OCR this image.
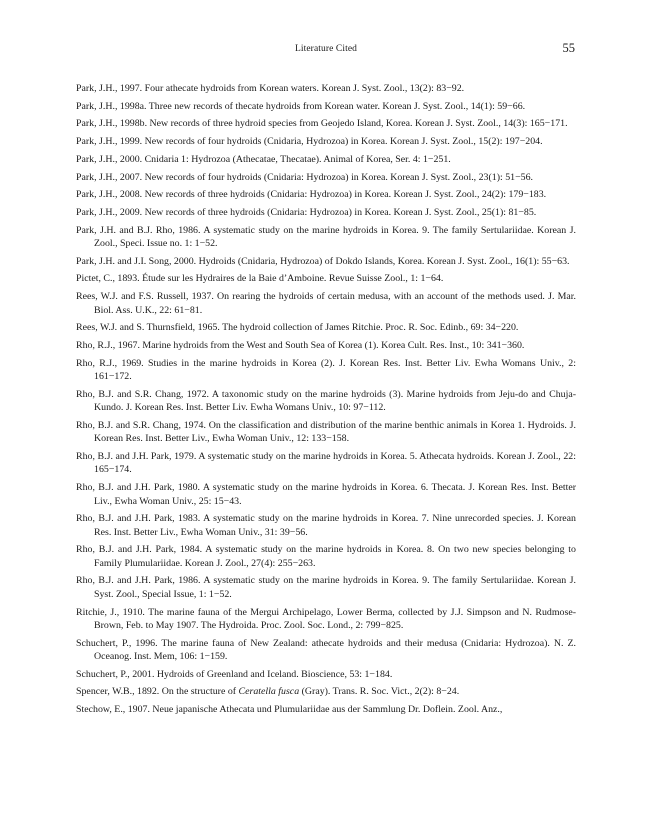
Literature Cited	55
Park, J.H., 1997. Four athecate hydroids from Korean waters. Korean J. Syst. Zool., 13(2): 83−92.
Park, J.H., 1998a. Three new records of thecate hydroids from Korean water. Korean J. Syst. Zool., 14(1): 59−66.
Park, J.H., 1998b. New records of three hydroid species from Geojedo Island, Korea. Korean J. Syst. Zool., 14(3): 165−171.
Park, J.H., 1999. New records of four hydroids (Cnidaria, Hydrozoa) in Korea. Korean J. Syst. Zool., 15(2): 197−204.
Park, J.H., 2000. Cnidaria 1: Hydrozoa (Athecatae, Thecatae). Animal of Korea, Ser. 4: 1−251.
Park, J.H., 2007. New records of four hydroids (Cnidaria: Hydrozoa) in Korea. Korean J. Syst. Zool., 23(1): 51−56.
Park, J.H., 2008. New records of three hydroids (Cnidaria: Hydrozoa) in Korea. Korean J. Syst. Zool., 24(2): 179−183.
Park, J.H., 2009. New records of three hydroids (Cnidaria: Hydrozoa) in Korea. Korean J. Syst. Zool., 25(1): 81−85.
Park, J.H. and B.J. Rho, 1986. A systematic study on the marine hydroids in Korea. 9. The family Sertulariidae. Korean J. Zool., Speci. Issue no. 1: 1−52.
Park, J.H. and J.I. Song, 2000. Hydroids (Cnidaria, Hydrozoa) of Dokdo Islands, Korea. Korean J. Syst. Zool., 16(1): 55−63.
Pictet, C., 1893. Étude sur les Hydraires de la Baie d’Amboine. Revue Suisse Zool., 1: 1−64.
Rees, W.J. and F.S. Russell, 1937. On rearing the hydroids of certain medusa, with an account of the methods used. J. Mar. Biol. Ass. U.K., 22: 61−81.
Rees, W.J. and S. Thurnsfield, 1965. The hydroid collection of James Ritchie. Proc. R. Soc. Edinb., 69: 34−220.
Rho, R.J., 1967. Marine hydroids from the West and South Sea of Korea (1). Korea Cult. Res. Inst., 10: 341−360.
Rho, R.J., 1969. Studies in the marine hydroids in Korea (2). J. Korean Res. Inst. Better Liv. Ewha Womans Univ., 2: 161−172.
Rho, B.J. and S.R. Chang, 1972. A taxonomic study on the marine hydroids (3). Marine hydroids from Jeju-do and Chuja-Kundo. J. Korean Res. Inst. Better Liv. Ewha Womans Univ., 10: 97−112.
Rho, B.J. and S.R. Chang, 1974. On the classification and distribution of the marine benthic animals in Korea 1. Hydroids. J. Korean Res. Inst. Better Liv., Ewha Woman Univ., 12: 133−158.
Rho, B.J. and J.H. Park, 1979. A systematic study on the marine hydroids in Korea. 5. Athecata hydroids. Korean J. Zool., 22: 165−174.
Rho, B.J. and J.H. Park, 1980. A systematic study on the marine hydroids in Korea. 6. Thecata. J. Korean Res. Inst. Better Liv., Ewha Woman Univ., 25: 15−43.
Rho, B.J. and J.H. Park, 1983. A systematic study on the marine hydroids in Korea. 7. Nine unrecorded species. J. Korean Res. Inst. Better Liv., Ewha Woman Univ., 31: 39−56.
Rho, B.J. and J.H. Park, 1984. A systematic study on the marine hydroids in Korea. 8. On two new species belonging to Family Plumulariidae. Korean J. Zool., 27(4): 255−263.
Rho, B.J. and J.H. Park, 1986. A systematic study on the marine hydroids in Korea. 9. The family Sertulariidae. Korean J. Syst. Zool., Special Issue, 1: 1−52.
Ritchie, J., 1910. The marine fauna of the Mergui Archipelago, Lower Berma, collected by J.J. Simpson and N. Rudmose-Brown, Feb. to May 1907. The Hydroida. Proc. Zool. Soc. Lond., 2: 799−825.
Schuchert, P., 1996. The marine fauna of New Zealand: athecate hydroids and their medusa (Cnidaria: Hydrozoa). N. Z. Oceanog. Inst. Mem, 106: 1−159.
Schuchert, P., 2001. Hydroids of Greenland and Iceland. Bioscience, 53: 1−184.
Spencer, W.B., 1892. On the structure of Ceratella fusca (Gray). Trans. R. Soc. Vict., 2(2): 8−24.
Stechow, E., 1907. Neue japanische Athecata und Plumulariidae aus der Sammlung Dr. Doflein. Zool. Anz.,
